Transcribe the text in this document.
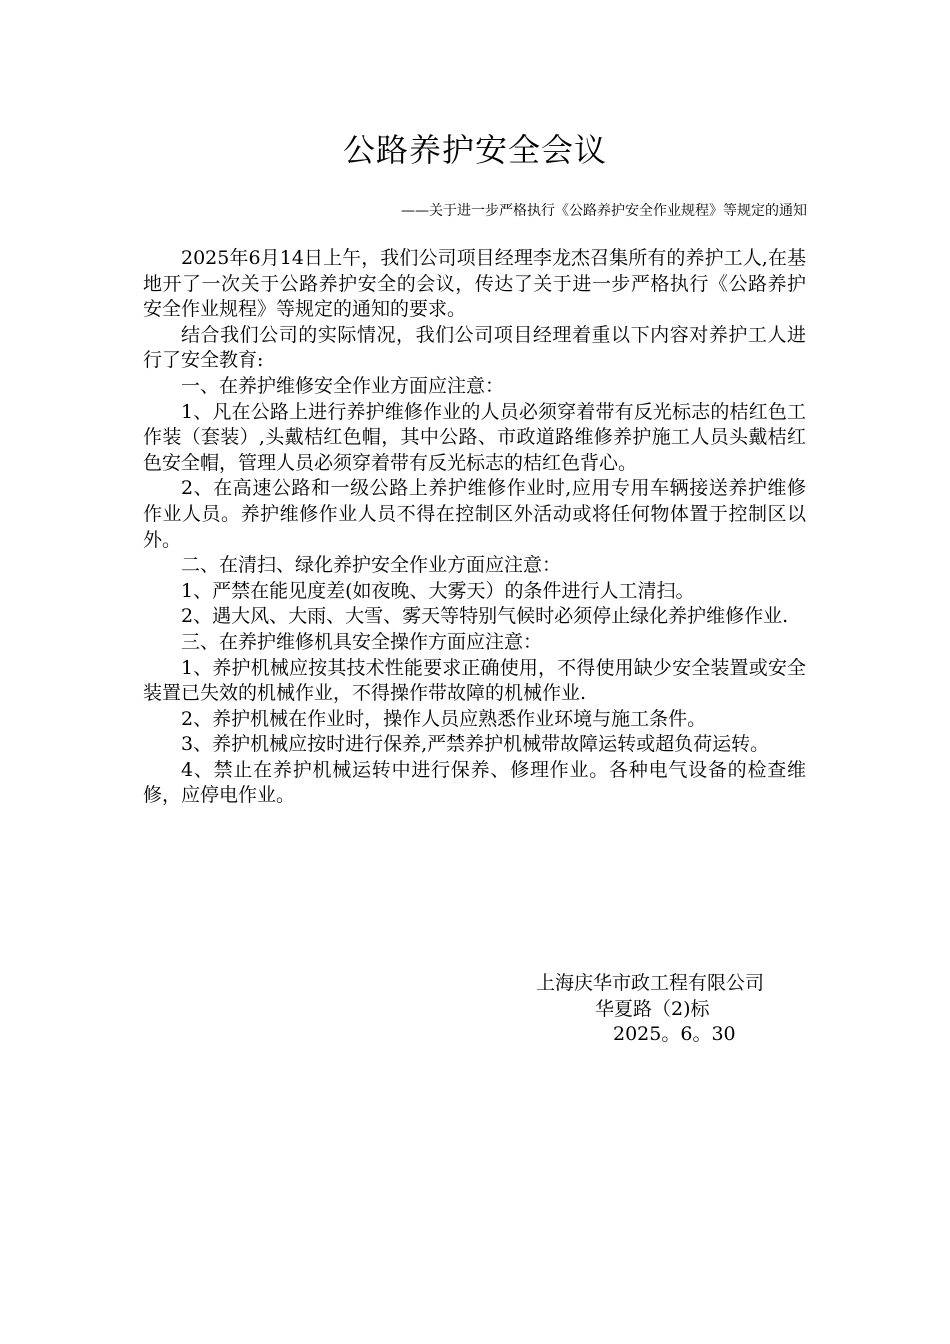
公路养护安全会议
——关于进一步严格执行《公路养护安全作业规程》等规定的通知

2025年6月14日上午，我们公司项目经理李龙杰召集所有的养护工人,在基地开了一次关于公路养护安全的会议，传达了关于进一步严格执行《公路养护安全作业规程》等规定的通知的要求。

结合我们公司的实际情况，我们公司项目经理着重以下内容对养护工人进行了安全教育:

一、在养护维修安全作业方面应注意：

1、凡在公路上进行养护维修作业的人员必须穿着带有反光标志的桔红色工作装（套装）,头戴桔红色帽，其中公路、市政道路维修养护施工人员头戴桔红色安全帽，管理人员必须穿着带有反光标志的桔红色背心。

2、在高速公路和一级公路上养护维修作业时,应用专用车辆接送养护维修作业人员。养护维修作业人员不得在控制区外活动或将任何物体置于控制区以外。

二、在清扫、绿化养护安全作业方面应注意：

1、严禁在能见度差(如夜晚、大雾天）的条件进行人工清扫。

2、遇大风、大雨、大雪、雾天等特别气候时必须停止绿化养护维修作业.

三、在养护维修机具安全操作方面应注意：

1、养护机械应按其技术性能要求正确使用，不得使用缺少安全装置或安全装置已失效的机械作业，不得操作带故障的机械作业.

2、养护机械在作业时，操作人员应熟悉作业环境与施工条件。

3、养护机械应按时进行保养,严禁养护机械带故障运转或超负荷运转。

4、禁止在养护机械运转中进行保养、修理作业。各种电气设备的检查维修，应停电作业。

上海庆华市政工程有限公司
华夏路（2)标
2025。6。30
